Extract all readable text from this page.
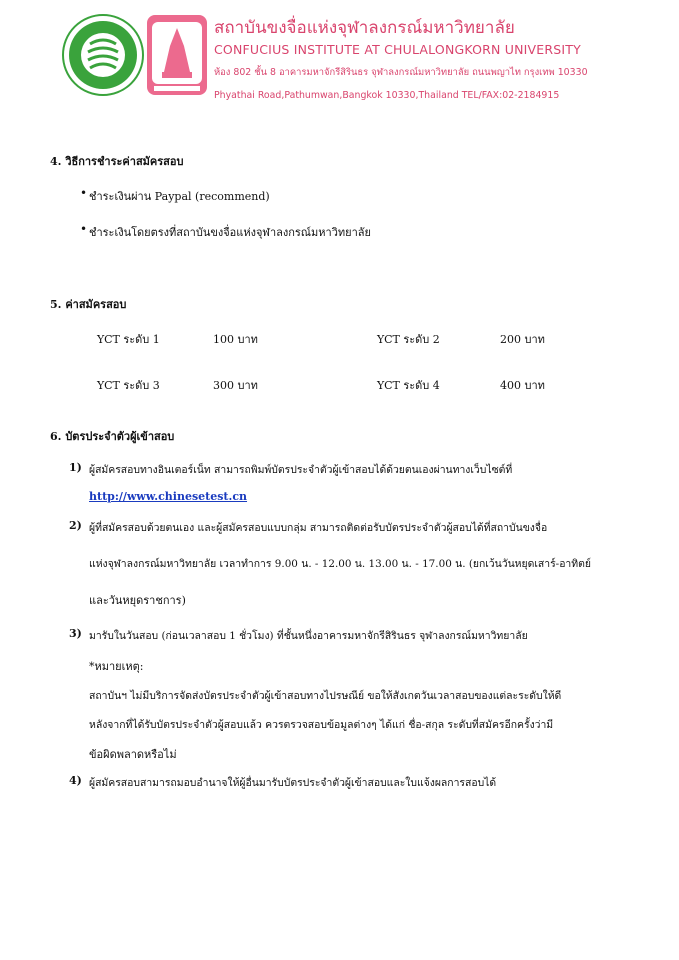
สถาบันขงจื่อแห่งจุฬาลงกรณ์มหาวิทยาลัย
CONFUCIUS INSTITUTE AT CHULALONGKORN UNIVERSITY
ห้อง 802 ชั้น 8 อาคารมหาจักรีสิรินธร จุฬาลงกรณ์มหาวิทยาลัย ถนนพญาไท กรุงเทพ 10330
Phyathai Road,Pathumwan,Bangkok 10330,Thailand TEL/FAX:02-2184915
4. วิธีการชำระค่าสมัครสอบ
• ชำระเงินผ่าน Paypal (recommend)
• ชำระเงินโดยตรงที่สถาบันขงจื่อแห่งจุฬาลงกรณ์มหาวิทยาลัย
5. ค่าสมัครสอบ
YCT ระดับ 1	100 บาท	YCT ระดับ 2	200 บาท
YCT ระดับ 3	300 บาท	YCT ระดับ 4	400 บาท
6. บัตรประจำตัวผู้เข้าสอบ
1) ผู้สมัครสอบทางอินเตอร์เน็ท สามารถพิมพ์บัตรประจำตัวผู้เข้าสอบได้ด้วยตนเองผ่านทางเว็บไซต์ที่
http://www.chinesetest.cn
2) ผู้ที่สมัครสอบด้วยตนเอง และผู้สมัครสอบแบบกลุ่ม สามารถติดต่อรับบัตรประจำตัวผู้สอบได้ที่สถาบันขงจื่อ
แห่งจุฬาลงกรณ์มหาวิทยาลัย เวลาทำการ 9.00 น. - 12.00 น. 13.00 น. - 17.00 น. (ยกเว้นวันหยุดเสาร์-อาทิตย์
และวันหยุดราชการ)
3) มารับในวันสอบ (ก่อนเวลาสอบ 1 ชั่วโมง) ที่ชั้นหนึ่งอาคารมหาจักรีสิรินธร จุฬาลงกรณ์มหาวิทยาลัย
*หมายเหตุ:
สถาบันฯ ไม่มีบริการจัดส่งบัตรประจำตัวผู้เข้าสอบทางไปรษณีย์ ขอให้สังเกตวันเวลาสอบของแต่ละระดับให้ดี
หลังจากที่ได้รับบัตรประจำตัวผู้สอบแล้ว ควรตรวจสอบข้อมูลต่างๆ ได้แก่ ชื่อ-สกุล ระดับที่สมัครอีกครั้งว่ามี
ข้อผิดพลาดหรือไม่
4) ผู้สมัครสอบสามารถมอบอำนาจให้ผู้อื่นมารับบัตรประจำตัวผู้เข้าสอบและใบแจ้งผลการสอบได้
